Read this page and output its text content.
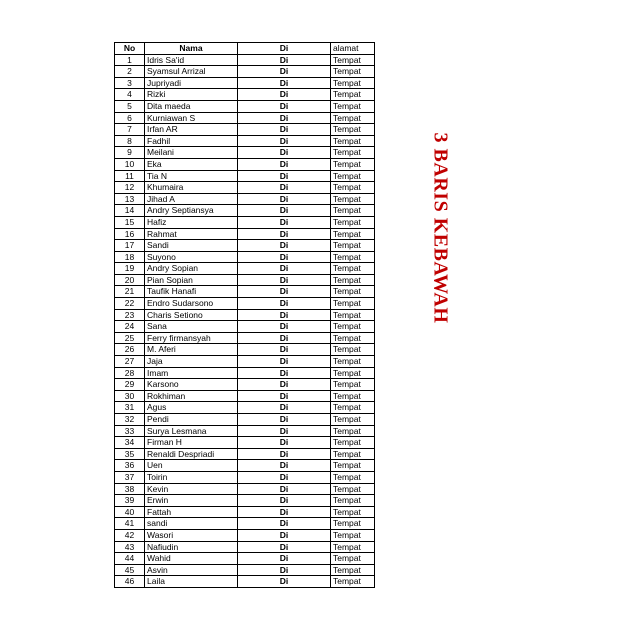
No	Nama	Di	alamat
1	Idris Sa'id	Di	Tempat
2	Syamsul Arrizal	Di	Tempat
3	Jupriyadi	Di	Tempat
4	Rizki	Di	Tempat
5	Dita maeda	Di	Tempat
6	Kurniawan S	Di	Tempat
7	Irfan AR	Di	Tempat
8	Fadhil	Di	Tempat
9	Meilani	Di	Tempat
10	Eka	Di	Tempat
11	Tia N	Di	Tempat
12	Khumaira	Di	Tempat
13	Jihad A	Di	Tempat
14	Andry Septiansya	Di	Tempat
15	Hafiz	Di	Tempat
16	Rahmat	Di	Tempat
17	Sandi	Di	Tempat
18	Suyono	Di	Tempat
19	Andry Sopian	Di	Tempat
20	Pian Sopian	Di	Tempat
21	Taufik Hanafi	Di	Tempat
22	Endro Sudarsono	Di	Tempat
23	Charis Setiono	Di	Tempat
24	Sana	Di	Tempat
25	Ferry firmansyah	Di	Tempat
26	M. Aferi	Di	Tempat
27	Jaja	Di	Tempat
28	Imam	Di	Tempat
29	Karsono	Di	Tempat
30	Rokhiman	Di	Tempat
31	Agus	Di	Tempat
32	Pendi	Di	Tempat
33	Surya Lesmana	Di	Tempat
34	Firman H	Di	Tempat
35	Renaldi Despriadi	Di	Tempat
36	Uen	Di	Tempat
37	Toirin	Di	Tempat
38	Kevin	Di	Tempat
39	Erwin	Di	Tempat
40	Fattah	Di	Tempat
41	sandi	Di	Tempat
42	Wasori	Di	Tempat
43	Nafiudin	Di	Tempat
44	Wahid	Di	Tempat
45	Asvin	Di	Tempat
46	Laila	Di	Tempat
3 BARIS KEBAWAH
